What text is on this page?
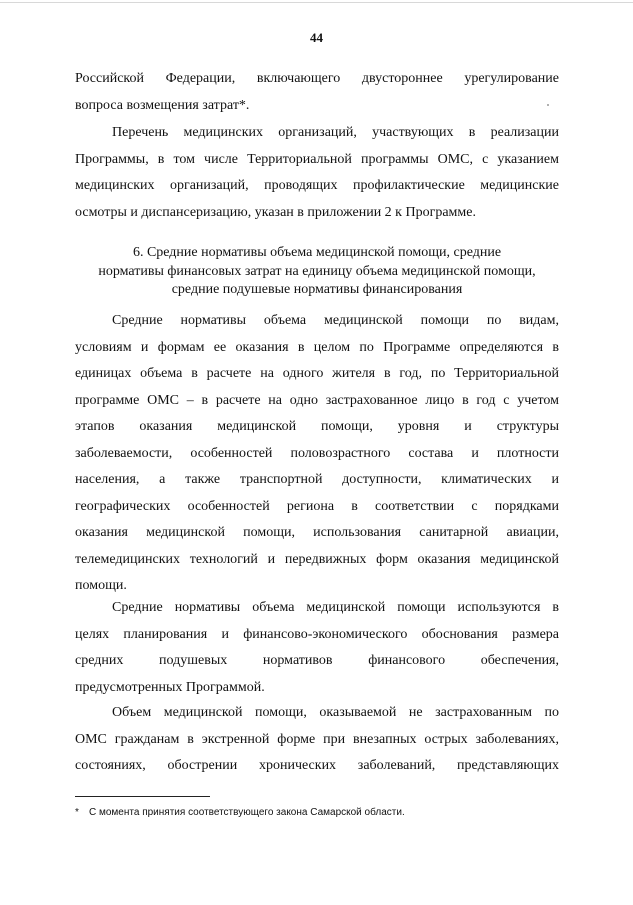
44
Российской Федерации, включающего двустороннее урегулирование
вопроса возмещения затрат*.
Перечень медицинских организаций, участвующих в реализации
Программы, в том числе Территориальной программы ОМС, с указанием
медицинских организаций, проводящих профилактические медицинские
осмотры и диспансеризацию, указан в приложении 2 к Программе.
6. Средние нормативы объема медицинской помощи, средние
нормативы финансовых затрат на единицу объема медицинской помощи,
средние подушевые нормативы финансирования
Средние нормативы объема медицинской помощи по видам,
условиям и формам ее оказания в целом по Программе определяются в
единицах объема в расчете на одного жителя в год, по Территориальной
программе ОМС – в расчете на одно застрахованное лицо в год с учетом
этапов оказания медицинской помощи, уровня и структуры
заболеваемости, особенностей половозрастного состава и плотности
населения, а также транспортной доступности, климатических и
географических особенностей региона в соответствии с порядками
оказания медицинской помощи, использования санитарной авиации,
телемедицинских технологий и передвижных форм оказания медицинской
помощи.
Средние нормативы объема медицинской помощи используются в
целях планирования и финансово-экономического обоснования размера
средних подушевых нормативов финансового обеспечения,
предусмотренных Программой.
Объем медицинской помощи, оказываемой не застрахованным по
ОМС гражданам в экстренной форме при внезапных острых заболеваниях,
состояниях, обострении хронических заболеваний, представляющих
* С момента принятия соответствующего закона Самарской области.
